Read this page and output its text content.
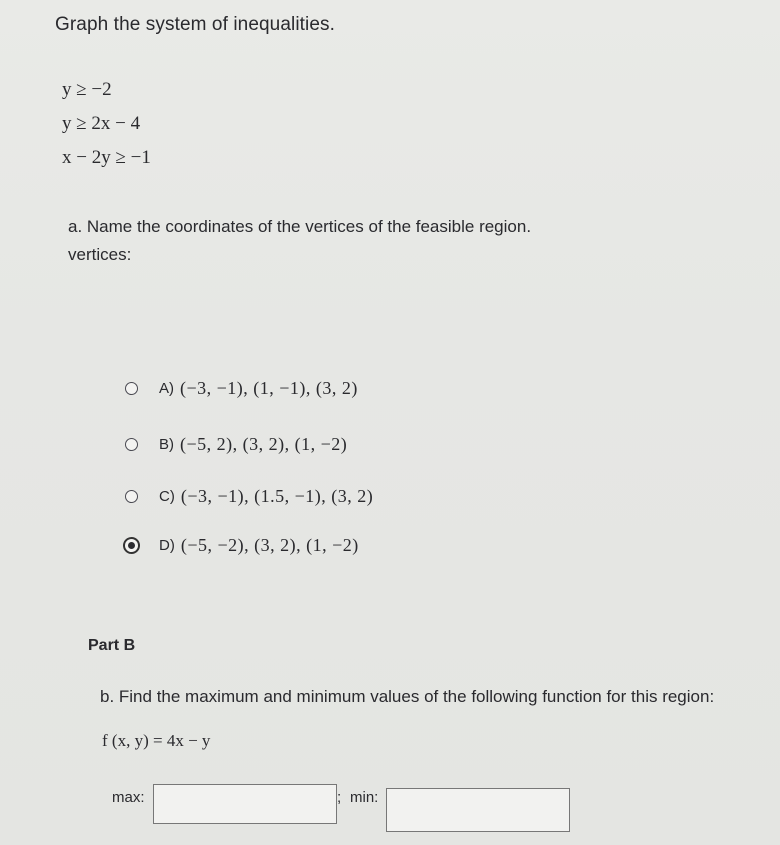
Graph the system of inequalities.
y ≥ −2
y ≥ 2x − 4
x − 2y ≥ −1
a. Name the coordinates of the vertices of the feasible region.
vertices:
A) (−3, −1), (1, −1), (3, 2)
B) (−5, 2), (3, 2), (1, −2)
C) (−3, −1), (1.5, −1), (3, 2)
D) (−5, −2), (3, 2), (1, −2)
Part B
b. Find the maximum and minimum values of the following function for this region:
f (x, y) = 4x − y
max:	; min:
